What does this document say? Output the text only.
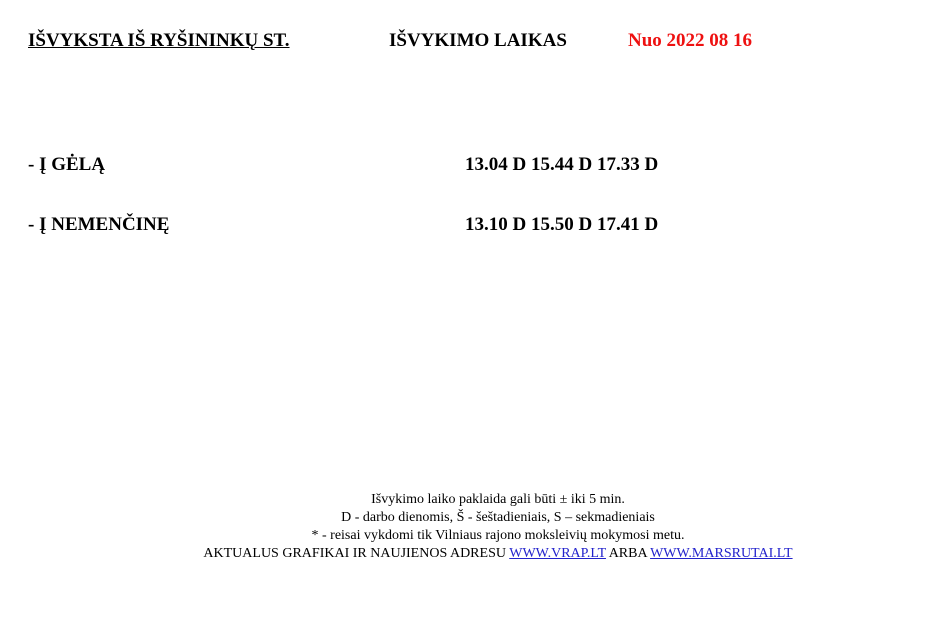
IŠVYKSTA IŠ RYŠININKŲ ST.	IŠVYKIMO LAIKAS	Nuo 2022 08 16
- Į GĖLĄ	13.04 D 15.44 D 17.33 D
- Į NEMENČINĘ	13.10 D 15.50 D 17.41 D
Išvykimo laiko paklaida gali būti ± iki 5 min.
D - darbo dienomis, Š - šeštadieniais, S – sekmadieniais
* - reisai vykdomi tik Vilniaus rajono moksleivių mokymosi metu.
AKTUALUS GRAFIKAI IR NAUJIENOS ADRESU WWW.VRAP.LT ARBA WWW.MARSRUTAI.LT
